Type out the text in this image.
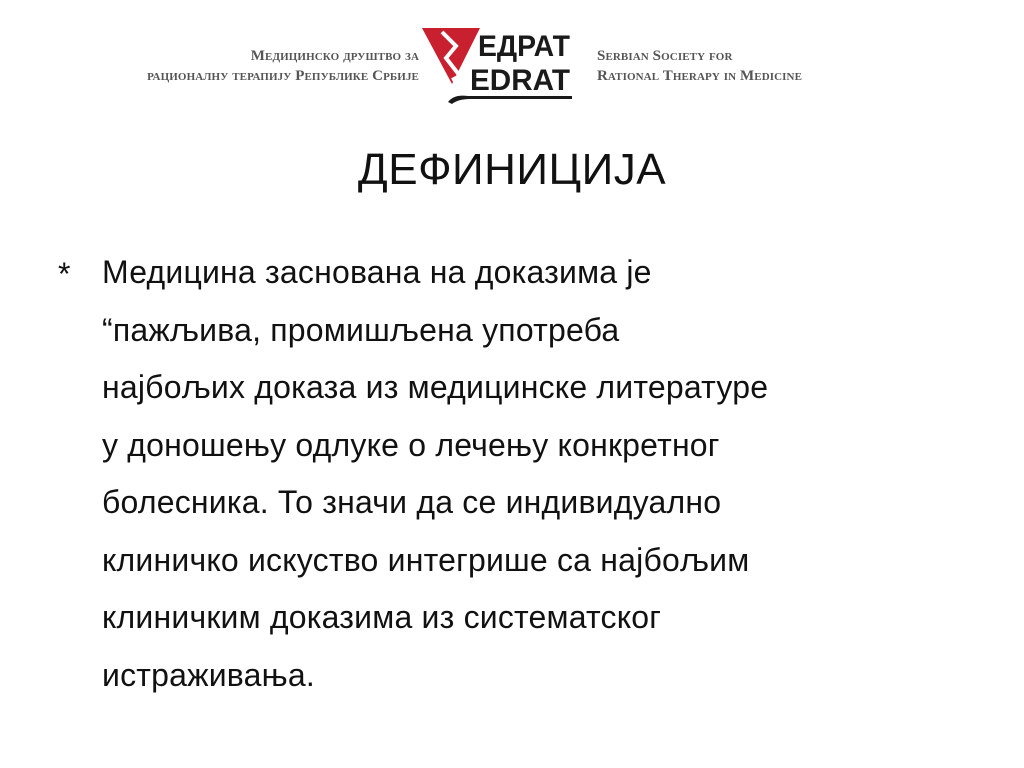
Медицинско друштво за
рационалну терапију Републике Србије
ЕДРАТ
EDRAT
Serbian Society for
Rational Therapy in Medicine
ДЕФИНИЦИЈА
* Медицина заснована на доказима је
“пажљива, промишљена употреба
најбољих доказа из медицинске литературе
у доношењу одлуке о лечењу конкретног
болесника. То значи да се индивидуално
клиничко искуство интегрише са најбољим
клиничким доказима из систематског
истраживања.
